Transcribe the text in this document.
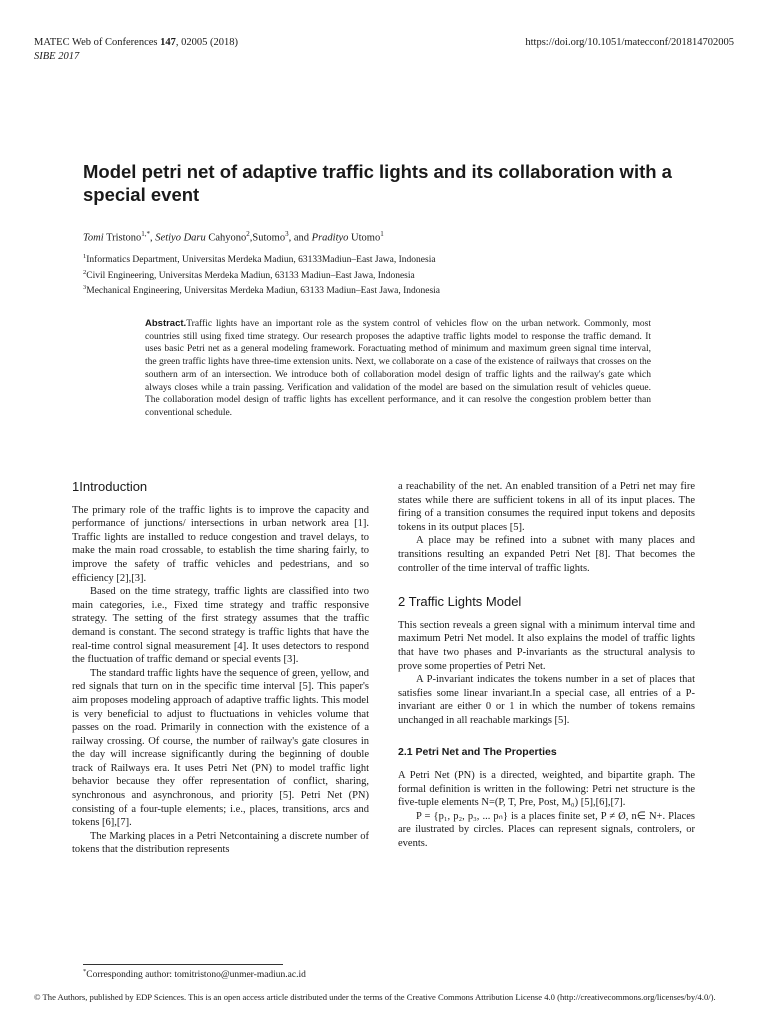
MATEC Web of Conferences 147, 02005 (2018)	https://doi.org/10.1051/matecconf/201814702005
SIBE 2017
Model petri net of adaptive traffic lights and its collaboration with a special event
Tomi Tristono$^{1,*}$, Setiyo Daru Cahyono$^2$,Sutomo$^3$, and Pradityo Utomo$^1$
$^1$Informatics Department, Universitas Merdeka Madiun, 63133Madiun–East Jawa, Indonesia
$^2$Civil Engineering, Universitas Merdeka Madiun, 63133 Madiun–East Jawa, Indonesia
$^3$Mechanical Engineering, Universitas Merdeka Madiun, 63133 Madiun–East Jawa, Indonesia

Abstract.Traffic lights have an important role as the system control of vehicles flow on the urban network. Commonly, most countries still using fixed time strategy. Our research proposes the adaptive traffic lights model to response the traffic demand. It uses basic Petri net as a general modeling framework. Foractuating method of minimum and maximum green signal time interval, the green traffic lights have three-time extension units. Next, we collaborate on a case of the existence of railways that crosses on the southern arm of an intersection. We introduce both of collaboration model design of traffic lights and the railway's gate which always closes while a train passing. Verification and validation of the model are based on the simulation result of vehicles queue. The collaboration model design of traffic lights has excellent performance, and it can resolve the congestion problem better than conventional schedule.

1Introduction

The primary role of the traffic lights is to improve the capacity and performance of junctions/ intersections in urban network area [1]. Traffic lights are installed to reduce congestion and travel delays, to make the main road crossable, to establish the time sharing fairly, to improve the safety of traffic vehicles and pedestrians, and so efficiency [2],[3].

Based on the time strategy, traffic lights are classified into two main categories, i.e., Fixed time strategy and traffic responsive strategy. The setting of the first strategy assumes that the traffic demand is constant. The second strategy is traffic lights that have the real-time control signal measurement [4]. It uses detectors to respond the fluctuation of traffic demand or special events [3].

The standard traffic lights have the sequence of green, yellow, and red signals that turn on in the specific time interval [5]. This paper's aim proposes modeling approach of adaptive traffic lights. This model is very beneficial to adjust to fluctuations in vehicles volume that passes on the road. Primarily in connection with the existence of a railway crossing. Of course, the number of railway's gate closures in the day will increase significantly during the beginning of double track of Railways era. It uses Petri Net (PN) to model traffic light behavior because they offer representation of conflict, sharing, synchronous and asynchronous, and priority [5]. Petri Net (PN) consisting of a four-tuple elements; i.e., places, transitions, arcs and tokens [6],[7].

The Marking places in a Petri Netcontaining a discrete number of tokens that the distribution represents

a reachability of the net. An enabled transition of a Petri net may fire states while there are sufficient tokens in all of its input places. The firing of a transition consumes the required input tokens and deposits tokens in its output places [5].

A place may be refined into a subnet with many places and transitions resulting an expanded Petri Net [8]. That becomes the controller of the time interval of traffic lights.

2 Traffic Lights Model

This section reveals a green signal with a minimum interval time and maximum Petri Net model. It also explains the model of traffic lights that have two phases and P-invariants as the structural analysis to prove some properties of Petri Net.

A P-invariant indicates the tokens number in a set of places that satisfies some linear invariant.In a special case, all entries of a P-invariant are either 0 or 1 in which the number of tokens remains unchanged in all reachable markings [5].

2.1 Petri Net and The Properties

A Petri Net (PN) is a directed, weighted, and bipartite graph. The formal definition is written in the following: Petri net structure is the five-tuple elements N=(P, T, Pre, Post, M₀) [5],[6],[7].

P = {p₁, p₂, p₃, ... pₙ} is a places finite set, P ≠ Ø, n∈ N+. Places are ilustrated by circles. Places can represent signals, controlers, or events.

*Corresponding author: tomitristono@unmer-madiun.ac.id
© The Authors, published by EDP Sciences. This is an open access article distributed under the terms of the Creative Commons Attribution License 4.0 (http://creativecommons.org/licenses/by/4.0/).
